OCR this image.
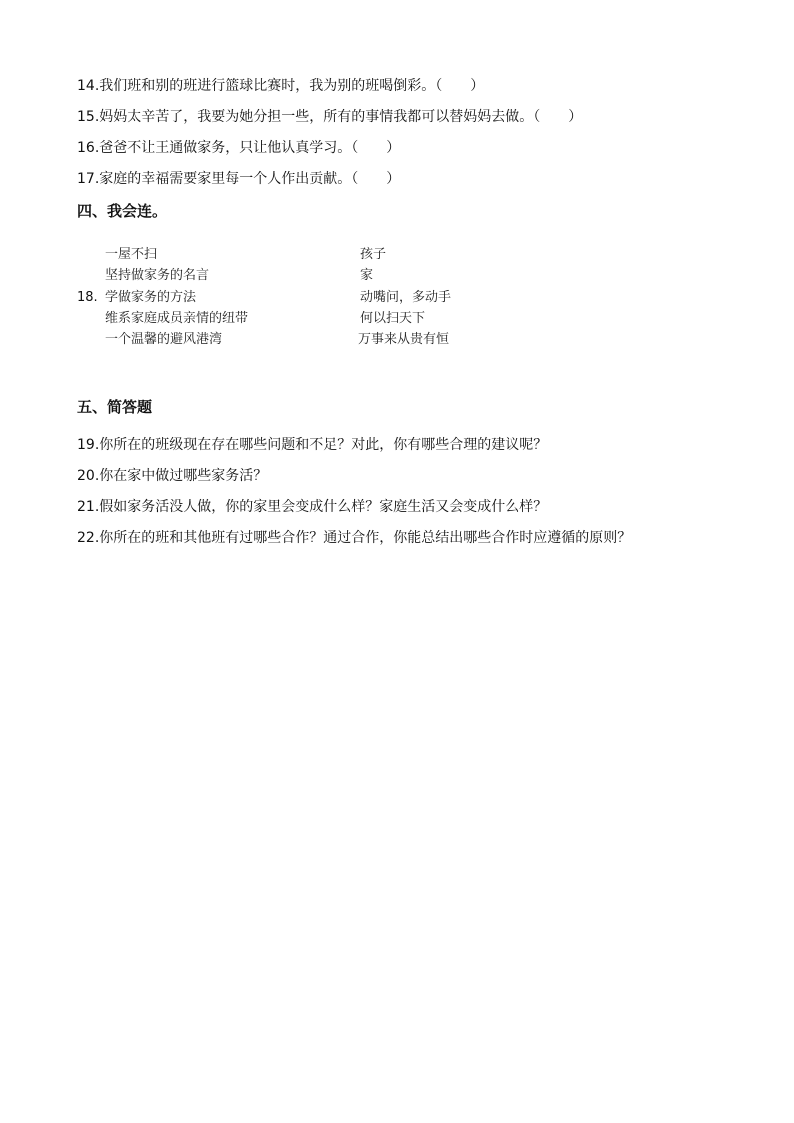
14.我们班和别的班进行篮球比赛时，我为别的班喝倒彩。（　　）
15.妈妈太辛苦了，我要为她分担一些，所有的事情我都可以替妈妈去做。（　　）
16.爸爸不让王通做家务，只让他认真学习。（　　）
17.家庭的幸福需要家里每一个人作出贡献。（　　）
四、我会连。
一屋不扫
坚持做家务的名言
18. 学做家务的方法
维系家庭成员亲情的纽带
一个温馨的避风港湾
孩子
家
动嘴问，多动手
何以扫天下
万事来从贵有恒
五、简答题
19.你所在的班级现在存在哪些问题和不足？对此，你有哪些合理的建议呢？
20.你在家中做过哪些家务活？
21.假如家务活没人做，你的家里会变成什么样？家庭生活又会变成什么样？
22.你所在的班和其他班有过哪些合作？通过合作，你能总结出哪些合作时应遵循的原则？
